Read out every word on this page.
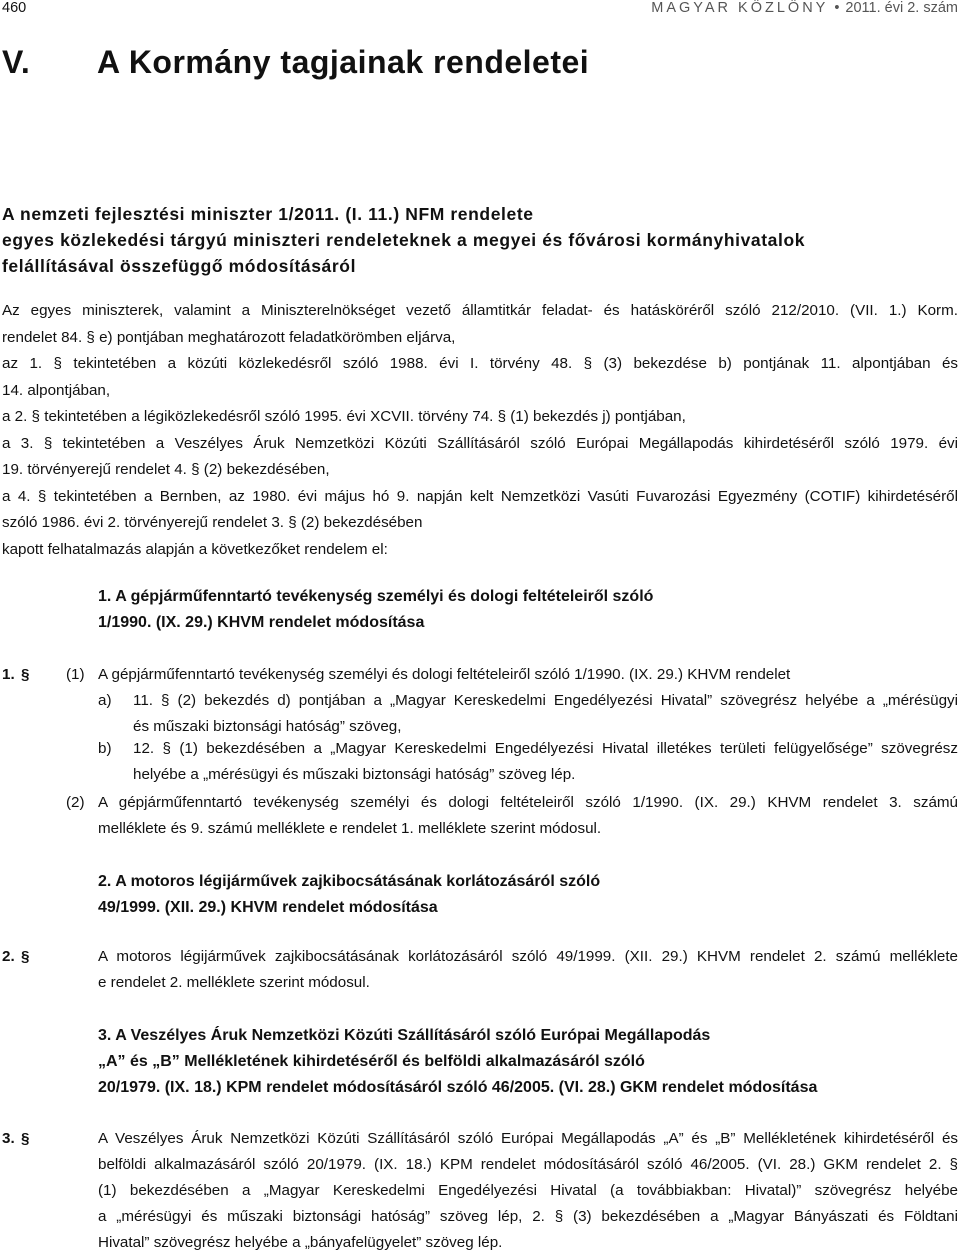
460	MAGYAR KÖZLÖNY • 2011. évi 2. szám
V. A Kormány tagjainak rendeletei
A nemzeti fejlesztési miniszter 1/2011. (I. 11.) NFM rendelete
egyes közlekedési tárgyú miniszteri rendeleteknek a megyei és fővárosi kormányhivatalok
felállításával összefüggő módosításáról
Az egyes miniszterek, valamint a Miniszterelnökséget vezető államtitkár feladat- és hatásköréről szóló 212/2010. (VII. 1.) Korm.
rendelet 84. § e) pontjában meghatározott feladatkörömben eljárva,
az 1. § tekintetében a közúti közlekedésről szóló 1988. évi I. törvény 48. § (3) bekezdése b) pontjának 11. alpontjában és
14. alpontjában,
a 2. § tekintetében a légiközlekedésről szóló 1995. évi XCVII. törvény 74. § (1) bekezdés j) pontjában,
a 3. § tekintetében a Veszélyes Áruk Nemzetközi Közúti Szállításáról szóló Európai Megállapodás kihirdetéséről szóló 1979. évi
19. törvényerejű rendelet 4. § (2) bekezdésében,
a 4. § tekintetében a Bernben, az 1980. évi május hó 9. napján kelt Nemzetközi Vasúti Fuvarozási Egyezmény (COTIF) kihirdetéséről
szóló 1986. évi 2. törvényerejű rendelet 3. § (2) bekezdésében
kapott felhatalmazás alapján a következőket rendelem el:
1. A gépjárműfenntartó tevékenység személyi és dologi feltételeiről szóló
1/1990. (IX. 29.) KHVM rendelet módosítása
1. § (1) A gépjárműfenntartó tevékenység személyi és dologi feltételeiről szóló 1/1990. (IX. 29.) KHVM rendelet
a) 11. § (2) bekezdés d) pontjában a „Magyar Kereskedelmi Engedélyezési Hivatal” szövegrész helyébe a „mérésügyi
és műszaki biztonsági hatóság” szöveg,
b) 12. § (1) bekezdésében a „Magyar Kereskedelmi Engedélyezési Hivatal illetékes területi felügyelősége” szövegrész
helyébe a „mérésügyi és műszaki biztonsági hatóság” szöveg lép.
(2) A gépjárműfenntartó tevékenység személyi és dologi feltételeiről szóló 1/1990. (IX. 29.) KHVM rendelet 3. számú
melléklete és 9. számú melléklete e rendelet 1. melléklete szerint módosul.
2. A motoros légijárművek zajkibocsátásának korlátozásáról szóló
49/1999. (XII. 29.) KHVM rendelet módosítása
2. §	A motoros légijárművek zajkibocsátásának korlátozásáról szóló 49/1999. (XII. 29.) KHVM rendelet 2. számú melléklete
e rendelet 2. melléklete szerint módosul.
3. A Veszélyes Áruk Nemzetközi Közúti Szállításáról szóló Európai Megállapodás
„A” és „B” Mellékletének kihirdetéséről és belföldi alkalmazásáról szóló
20/1979. (IX. 18.) KPM rendelet módosításáról szóló 46/2005. (VI. 28.) GKM rendelet módosítása
3. §	A Veszélyes Áruk Nemzetközi Közúti Szállításáról szóló Európai Megállapodás „A” és „B” Mellékletének kihirdetéséről és
belföldi alkalmazásáról szóló 20/1979. (IX. 18.) KPM rendelet módosításáról szóló 46/2005. (VI. 28.) GKM rendelet 2. §
(1) bekezdésében a „Magyar Kereskedelmi Engedélyezési Hivatal (a továbbiakban: Hivatal)” szövegrész helyébe
a „mérésügyi és műszaki biztonsági hatóság” szöveg lép, 2. § (3) bekezdésében a „Magyar Bányászati és Földtani
Hivatal” szövegrész helyébe a „bányafelügyelet” szöveg lép.
